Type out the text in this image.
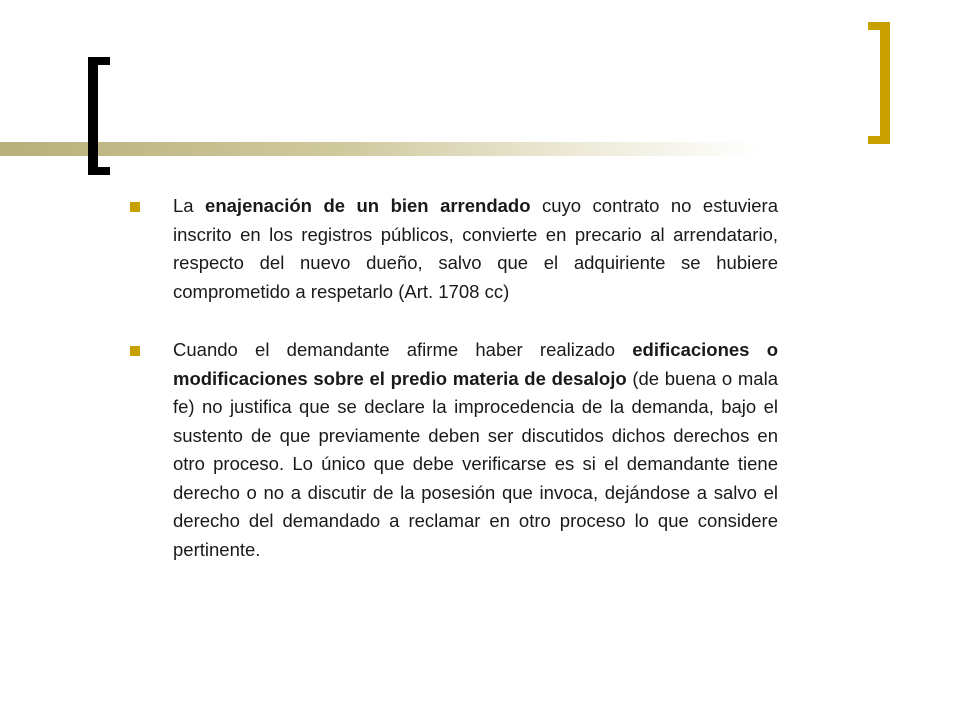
La enajenación de un bien arrendado cuyo contrato no estuviera inscrito en los registros públicos, convierte en precario al arrendatario, respecto del nuevo dueño, salvo que el adquiriente se hubiere comprometido a respetarlo (Art. 1708 cc)

Cuando el demandante afirme haber realizado edificaciones o modificaciones sobre el predio materia de desalojo (de buena o mala fe) no justifica que se declare la improcedencia de la demanda, bajo el sustento de que previamente deben ser discutidos dichos derechos en otro proceso. Lo único que debe verificarse es si el demandante tiene derecho o no a discutir de la posesión que invoca, dejándose a salvo el derecho del demandado a reclamar en otro proceso lo que considere pertinente.
